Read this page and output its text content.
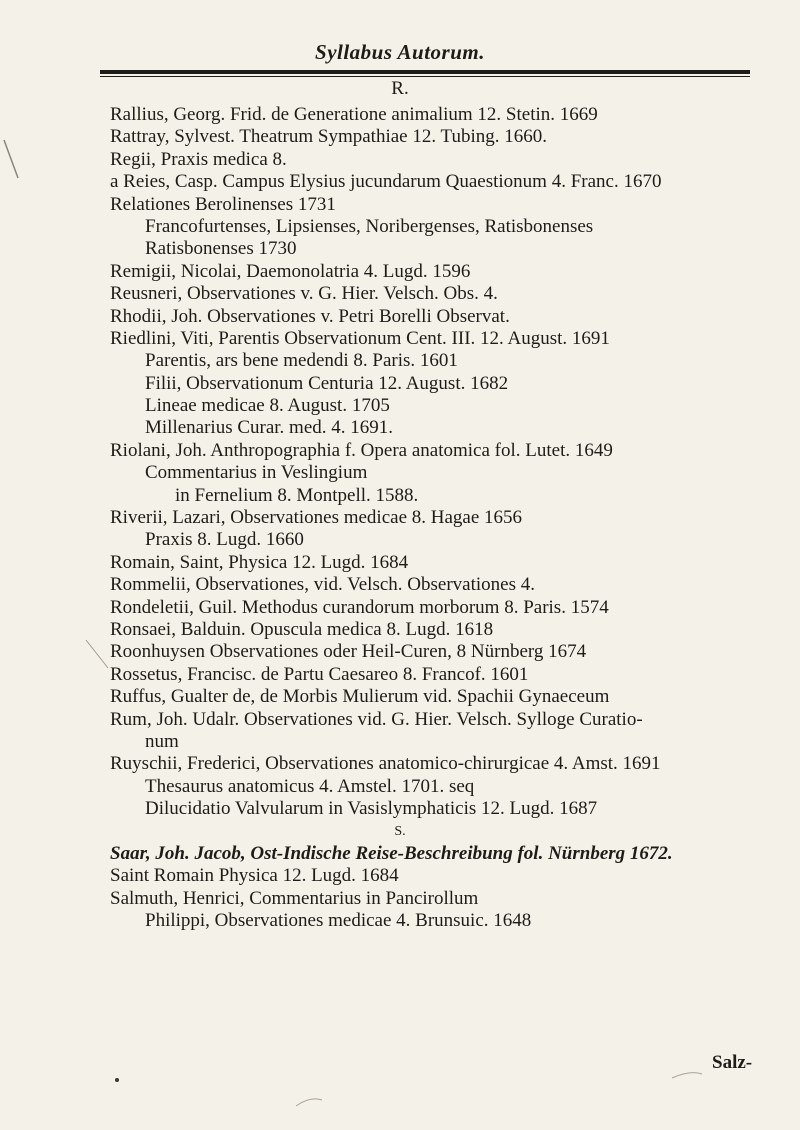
Syllabus Autorum.
R.
Rallius, Georg. Frid. de Generatione animalium 12. Stetin. 1669
Rattray, Sylvest. Theatrum Sympathiae 12. Tubing. 1660.
Regii, Praxis medica 8.
a Reies, Casp. Campus Elysius jucundarum Quaestionum 4. Franc. 1670
Relationes Berolinenses 1731
Francofurtenses, Lipsienses, Noribergenses, Ratisbonenses
Ratisbonenses 1730
Remigii, Nicolai, Daemonolatria 4. Lugd. 1596
Reusneri, Observationes v. G. Hier. Velsch. Obs. 4.
Rhodii, Joh. Observationes v. Petri Borelli Observat.
Riedlini, Viti, Parentis Observationum Cent. III. 12. August. 1691
Parentis, ars bene medendi 8. Paris. 1601
Filii, Observationum Centuria 12. August. 1682
Lineae medicae 8. August. 1705
Millenarius Curar. med. 4. 1691.
Riolani, Joh. Anthropographia f. Opera anatomica fol. Lutet. 1649
Commentarius in Veslingium
in Fernelium 8. Montpell. 1588.
Riverii, Lazari, Observationes medicae 8. Hagae 1656
Praxis 8. Lugd. 1660
Romain, Saint, Physica 12. Lugd. 1684
Rommelii, Observationes, vid. Velsch. Observationes 4.
Rondeletii, Guil. Methodus curandorum morborum 8. Paris. 1574
Ronsaei, Balduin. Opuscula medica 8. Lugd. 1618
Roonhuysen Observationes oder Heil-Curen, 8 Nürnberg 1674
Rossetus, Francisc. de Partu Caesareo 8. Francof. 1601
Ruffus, Gualter de, de Morbis Mulierum vid. Spachii Gynaeceum
Rum, Joh. Udalr. Observationes vid. G. Hier. Velsch. Sylloge Curatio-
num
Ruyschii, Frederici, Observationes anatomico-chirurgicae 4. Amst. 1691
Thesaurus anatomicus 4. Amstel. 1701. seq
Dilucidatio Valvularum in Vasislymphaticis 12. Lugd. 1687
S.
Saar, Joh. Jacob, Ost-Indische Reise-Beschreibung fol. Nürnberg 1672.
Saint Romain Physica 12. Lugd. 1684
Salmuth, Henrici, Commentarius in Pancirollum
Philippi, Observationes medicae 4. Brunsuic. 1648
Salz-
